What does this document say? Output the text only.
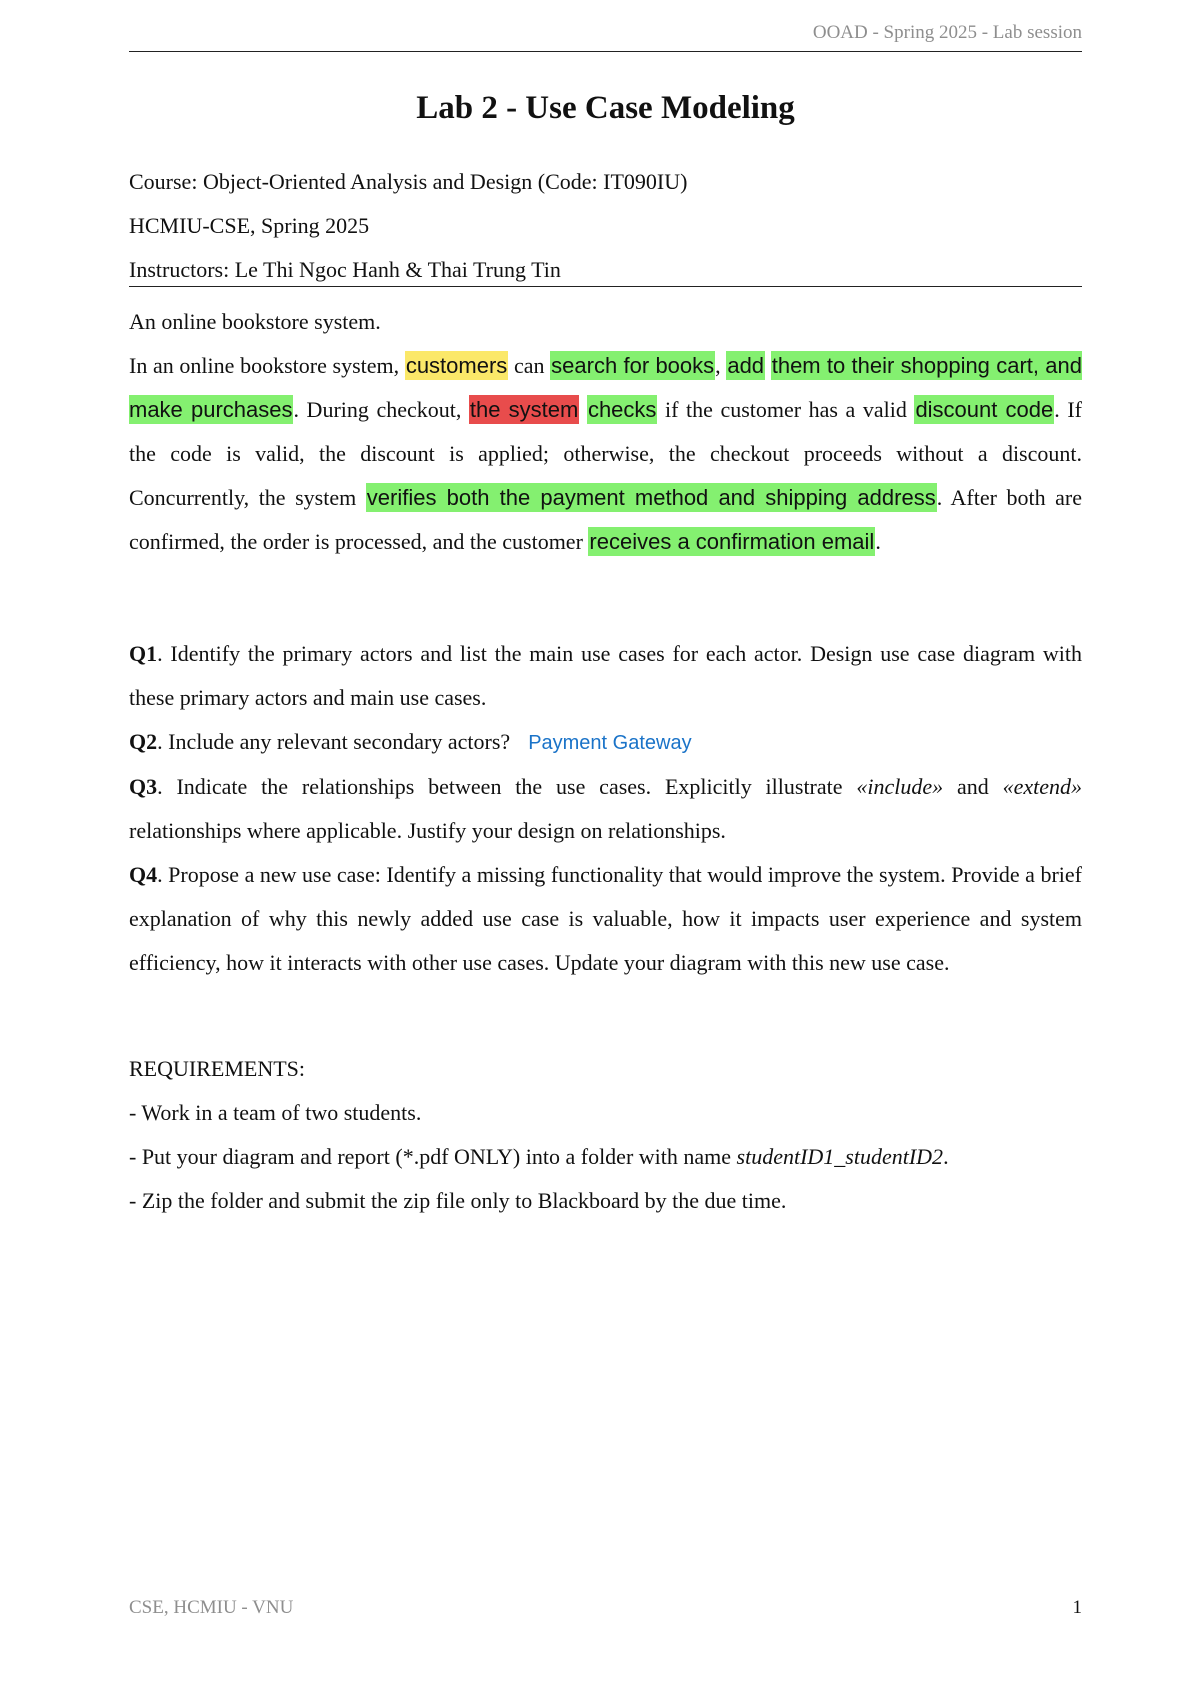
OOAD - Spring 2025 - Lab session
Lab 2 - Use Case Modeling
Course: Object-Oriented Analysis and Design (Code: IT090IU)
HCMIU-CSE, Spring 2025
Instructors: Le Thi Ngoc Hanh & Thai Trung Tin
An online bookstore system.
In an online bookstore system, customers can search for books, add them to their shopping cart, and make purchases. During checkout, the system checks if the customer has a valid discount code. If the code is valid, the discount is applied; otherwise, the checkout proceeds without a discount. Concurrently, the system verifies both the payment method and shipping address. After both are confirmed, the order is processed, and the customer receives a confirmation email.
Q1. Identify the primary actors and list the main use cases for each actor. Design use case diagram with these primary actors and main use cases.
Q2. Include any relevant secondary actors? Payment Gateway
Q3. Indicate the relationships between the use cases. Explicitly illustrate «include» and «extend» relationships where applicable. Justify your design on relationships.
Q4. Propose a new use case: Identify a missing functionality that would improve the system. Provide a brief explanation of why this newly added use case is valuable, how it impacts user experience and system efficiency, how it interacts with other use cases. Update your diagram with this new use case.
REQUIREMENTS:
- Work in a team of two students.
- Put your diagram and report (*.pdf ONLY) into a folder with name studentID1_studentID2.
- Zip the folder and submit the zip file only to Blackboard by the due time.
CSE, HCMIU - VNU	1
